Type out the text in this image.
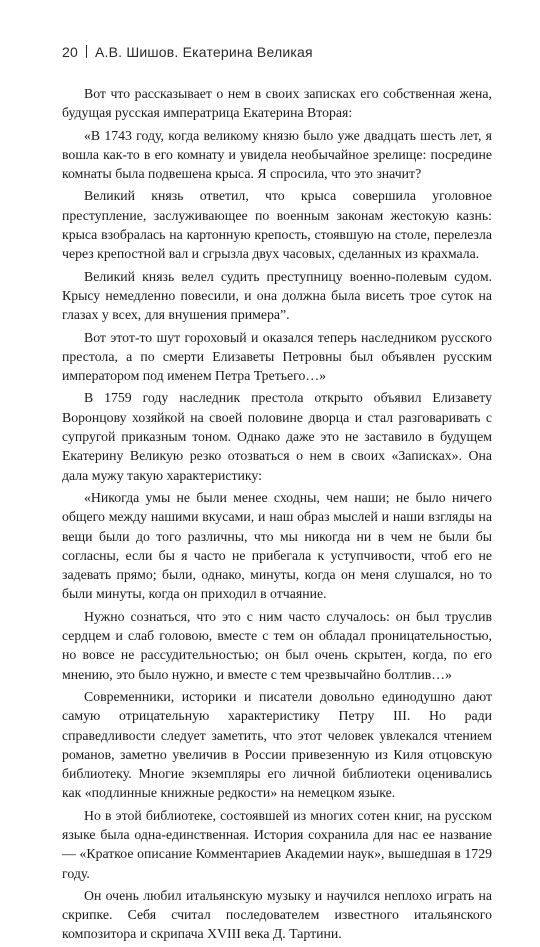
20 А.В. Шишов. Екатерина Великая

Вот что рассказывает о нем в своих записках его собственная жена, будущая русская императрица Екатерина Вторая:

«В 1743 году, когда великому князю было уже двадцать шесть лет, я вошла как-то в его комнату и увидела необычайное зрелище: посредине комнаты была подвешена крыса. Я спросила, что это значит?

Великий князь ответил, что крыса совершила уголовное преступление, заслуживающее по военным законам жестокую казнь: крыса взобралась на картонную крепость, стоявшую на столе, перелезла через крепостной вал и сгрызла двух часовых, сделанных из крахмала.

Великий князь велел судить преступницу военно-полевым судом. Крысу немедленно повесили, и она должна была висеть трое суток на глазах у всех, для внушения примера”.

Вот этот-то шут гороховый и оказался теперь наследником русского престола, а по смерти Елизаветы Петровны был объявлен русским императором под именем Петра Третьего…»

В 1759 году наследник престола открыто объявил Елизавету Воронцову хозяйкой на своей половине дворца и стал разговаривать с супругой приказным тоном. Однако даже это не заставило в будущем Екатерину Великую резко отозваться о нем в своих «Записках». Она дала мужу такую характеристику:

«Никогда умы не были менее сходны, чем наши; не было ничего общего между нашими вкусами, и наш образ мыслей и наши взгляды на вещи были до того различны, что мы никогда ни в чем не были бы согласны, если бы я часто не прибегала к уступчивости, чтоб его не задевать прямо; были, однако, минуты, когда он меня слушался, но то были минуты, когда он приходил в отчаяние.

Нужно сознаться, что это с ним часто случалось: он был труслив сердцем и слаб головою, вместе с тем он обладал проницательностью, но вовсе не рассудительностью; он был очень скрытен, когда, по его мнению, это было нужно, и вместе с тем чрезвычайно болтлив…»

Современники, историки и писатели довольно единодушно дают самую отрицательную характеристику Петру III. Но ради справедливости следует заметить, что этот человек увлекался чтением романов, заметно увеличив в России привезенную из Киля отцовскую библиотеку. Многие экземпляры его личной библиотеки оценивались как «подлинные книжные редкости» на немецком языке.

Но в этой библиотеке, состоявшей из многих сотен книг, на русском языке была одна-единственная. История сохранила для нас ее название — «Краткое описание Комментариев Академии наук», вышедшая в 1729 году.

Он очень любил итальянскую музыку и научился неплохо играть на скрипке. Себя считал последователем известного итальянского композитора и скрипача XVIII века Д. Тартини.
